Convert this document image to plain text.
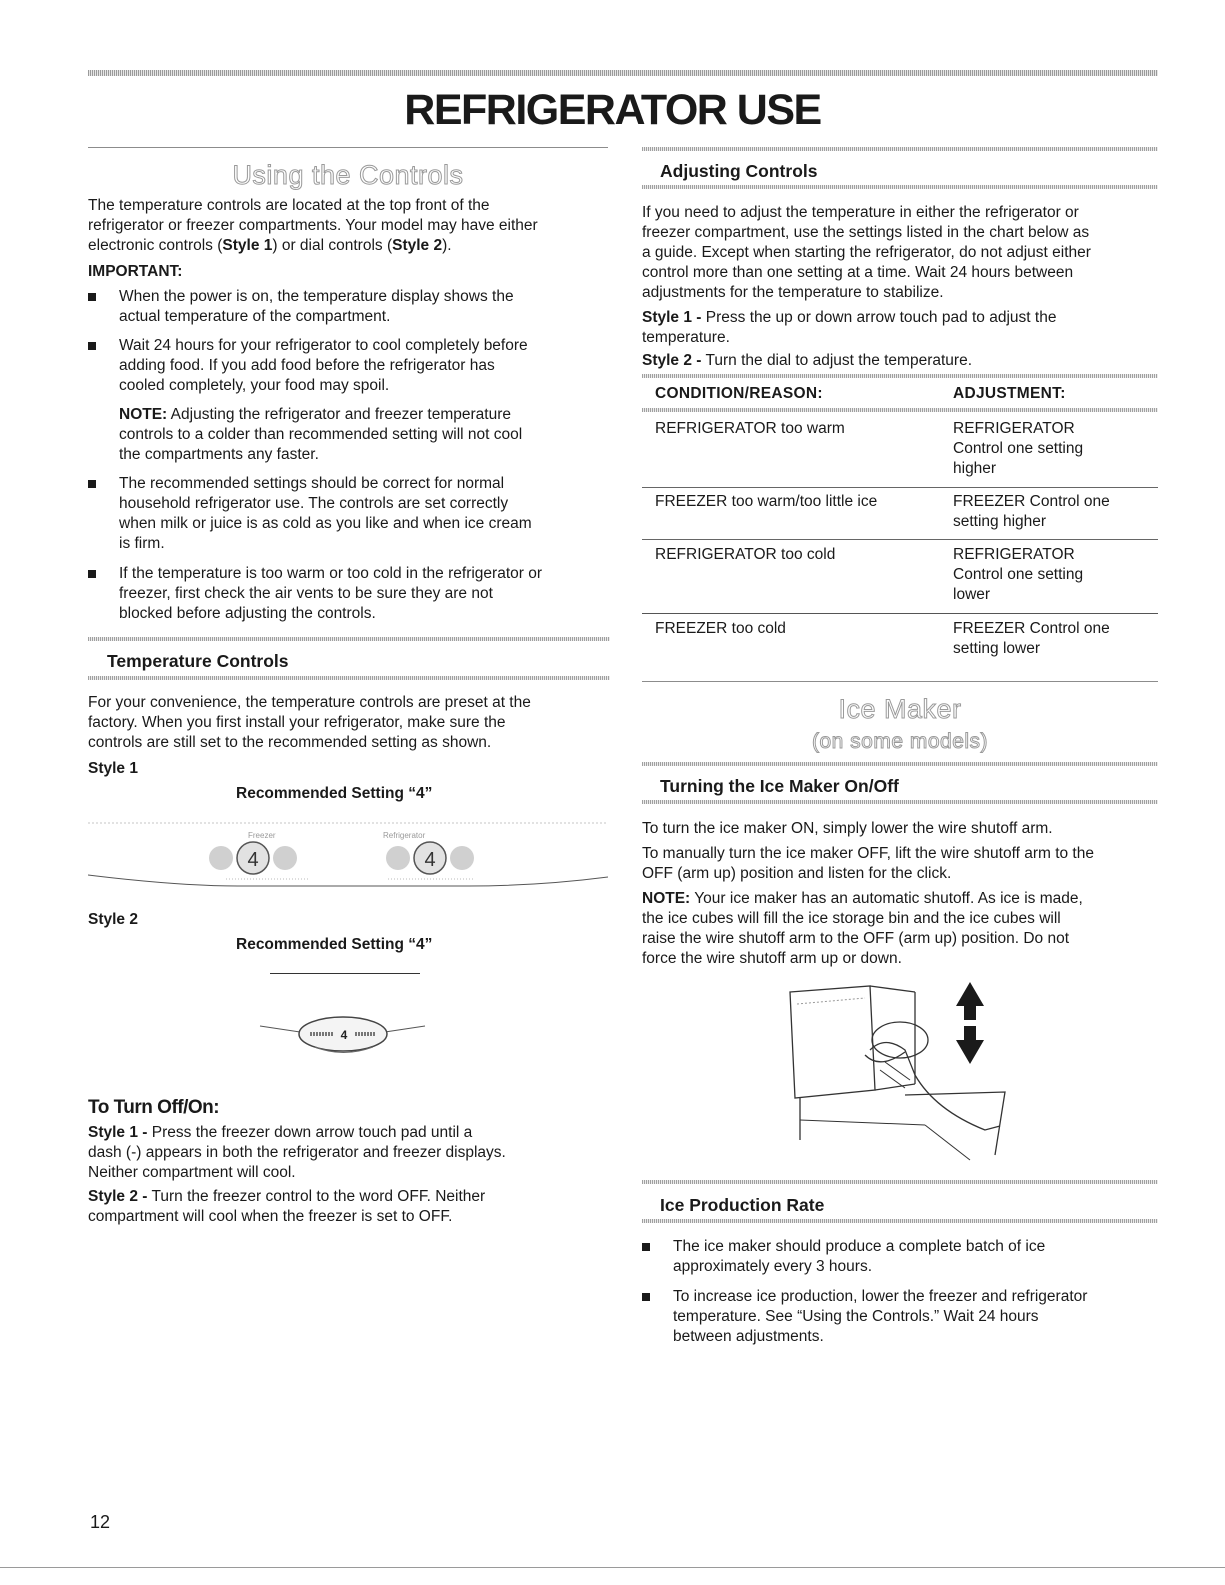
REFRIGERATOR USE
Using the Controls
The temperature controls are located at the top front of the
refrigerator or freezer compartments. Your model may have either
electronic controls (Style 1) or dial controls (Style 2).
IMPORTANT:
When the power is on, the temperature display shows the
actual temperature of the compartment.
Wait 24 hours for your refrigerator to cool completely before
adding food. If you add food before the refrigerator has
cooled completely, your food may spoil.
NOTE: Adjusting the refrigerator and freezer temperature
controls to a colder than recommended setting will not cool
the compartments any faster.
The recommended settings should be correct for normal
household refrigerator use. The controls are set correctly
when milk or juice is as cold as you like and when ice cream
is firm.
If the temperature is too warm or too cold in the refrigerator or
freezer, first check the air vents to be sure they are not
blocked before adjusting the controls.
Temperature Controls
For your convenience, the temperature controls are preset at the
factory. When you first install your refrigerator, make sure the
controls are still set to the recommended setting as shown.
Style 1
Recommended Setting “4”
Freezer	Refrigerator
4	4
Style 2
Recommended Setting “4”
4
To Turn Off/On:
Style 1 - Press the freezer down arrow touch pad until a
dash (-) appears in both the refrigerator and freezer displays.
Neither compartment will cool.
Style 2 - Turn the freezer control to the word OFF. Neither
compartment will cool when the freezer is set to OFF.
Adjusting Controls
If you need to adjust the temperature in either the refrigerator or
freezer compartment, use the settings listed in the chart below as
a guide. Except when starting the refrigerator, do not adjust either
control more than one setting at a time. Wait 24 hours between
adjustments for the temperature to stabilize.
Style 1 - Press the up or down arrow touch pad to adjust the
temperature.
Style 2 - Turn the dial to adjust the temperature.
CONDITION/REASON:	ADJUSTMENT:
REFRIGERATOR too warm	REFRIGERATOR
Control one setting
higher
FREEZER too warm/too little ice	FREEZER Control one
setting higher
REFRIGERATOR too cold	REFRIGERATOR
Control one setting
lower
FREEZER too cold	FREEZER Control one
setting lower
Ice Maker
(on some models)
Turning the Ice Maker On/Off
To turn the ice maker ON, simply lower the wire shutoff arm.
To manually turn the ice maker OFF, lift the wire shutoff arm to the
OFF (arm up) position and listen for the click.
NOTE: Your ice maker has an automatic shutoff. As ice is made,
the ice cubes will fill the ice storage bin and the ice cubes will
raise the wire shutoff arm to the OFF (arm up) position. Do not
force the wire shutoff arm up or down.
Ice Production Rate
The ice maker should produce a complete batch of ice
approximately every 3 hours.
To increase ice production, lower the freezer and refrigerator
temperature. See “Using the Controls.” Wait 24 hours
between adjustments.
12
